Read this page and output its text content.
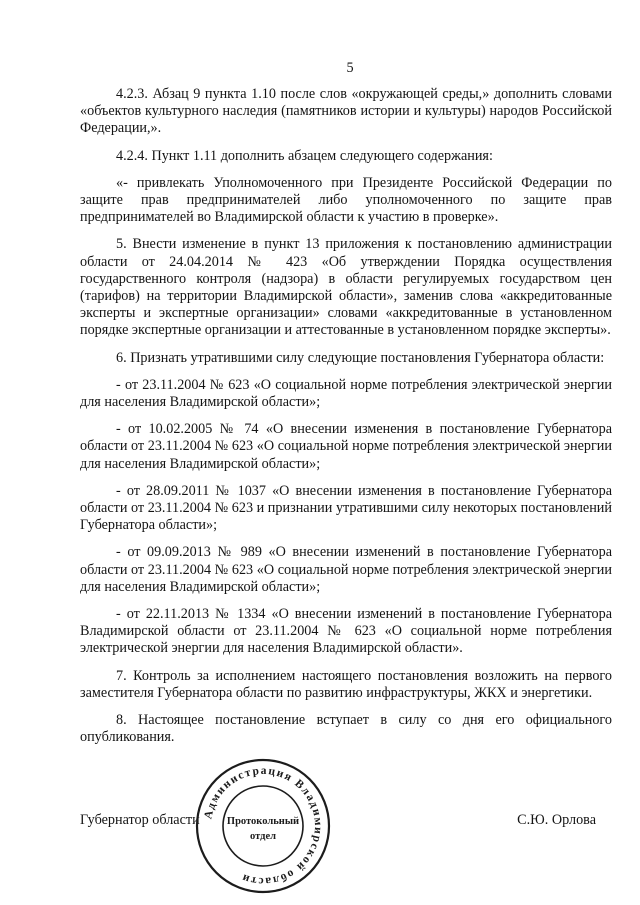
5

4.2.3. Абзац 9 пункта 1.10 после слов «окружающей среды,» дополнить словами «объектов культурного наследия (памятников истории и культуры) народов Российской Федерации,».

4.2.4. Пункт 1.11 дополнить абзацем следующего содержания:

«- привлекать Уполномоченного при Президенте Российской Федерации по защите прав предпринимателей либо уполномоченного по защите прав предпринимателей во Владимирской области к участию в проверке».

5. Внести изменение в пункт 13 приложения к постановлению администрации области от 24.04.2014 № 423 «Об утверждении Порядка осуществления государственного контроля (надзора) в области регулируемых государством цен (тарифов) на территории Владимирской области», заменив слова «аккредитованные эксперты и экспертные организации» словами «аккредитованные в установленном порядке экспертные организации и аттестованные в установленном порядке эксперты».

6. Признать утратившими силу следующие постановления Губернатора области:

- от 23.11.2004 № 623 «О социальной норме потребления электрической энергии для населения Владимирской области»;

- от 10.02.2005 № 74 «О внесении изменения в постановление Губернатора области от 23.11.2004 № 623 «О социальной норме потребления электрической энергии для населения Владимирской области»;

- от 28.09.2011 № 1037 «О внесении изменения в постановление Губернатора области от 23.11.2004 № 623 и признании утратившими силу некоторых постановлений Губернатора области»;

- от 09.09.2013 № 989 «О внесении изменений в постановление Губернатора области от 23.11.2004 № 623 «О социальной норме потребления электрической энергии для населения Владимирской области»;

- от 22.11.2013 № 1334 «О внесении изменений в постановление Губернатора Владимирской области от 23.11.2004 № 623 «О социальной норме потребления электрической энергии для населения Владимирской области».

7. Контроль за исполнением настоящего постановления возложить на первого заместителя Губернатора области по развитию инфраструктуры, ЖКХ и энергетики.

8. Настоящее постановление вступает в силу со дня его официального опубликования.

Губернатор области	С.Ю. Орлова
Администрация Владимирской области
Протокольный
отдел
